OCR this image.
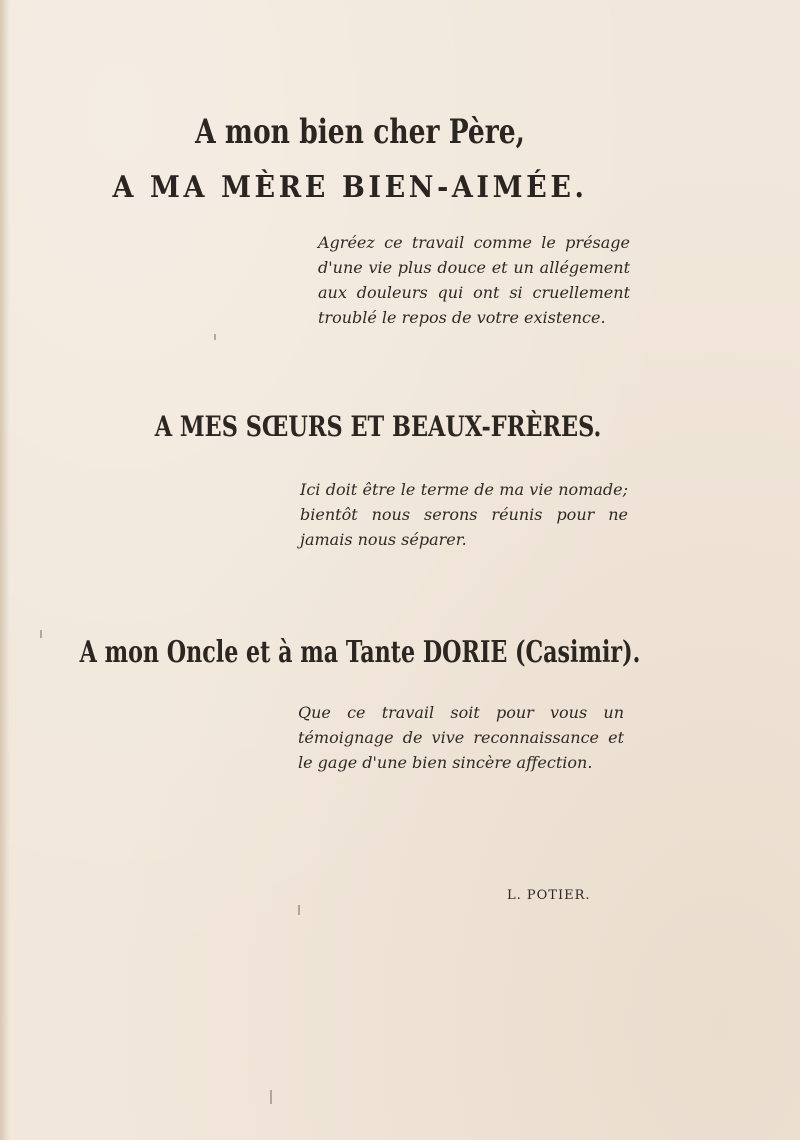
A mon bien cher Père,
A MA MÈRE BIEN-AIMÉE.
Agréez ce travail comme le présage d'une vie plus douce et un allégement aux douleurs qui ont si cruellement troublé le repos de votre existence.
A MES SŒURS ET BEAUX-FRÈRES.
Ici doit être le terme de ma vie nomade; bientôt nous serons réunis pour ne jamais nous séparer.
A mon Oncle et à ma Tante DORIE (Casimir).
Que ce travail soit pour vous un témoignage de vive reconnaissance et le gage d'une bien sincère affection.
L. POTIER.
